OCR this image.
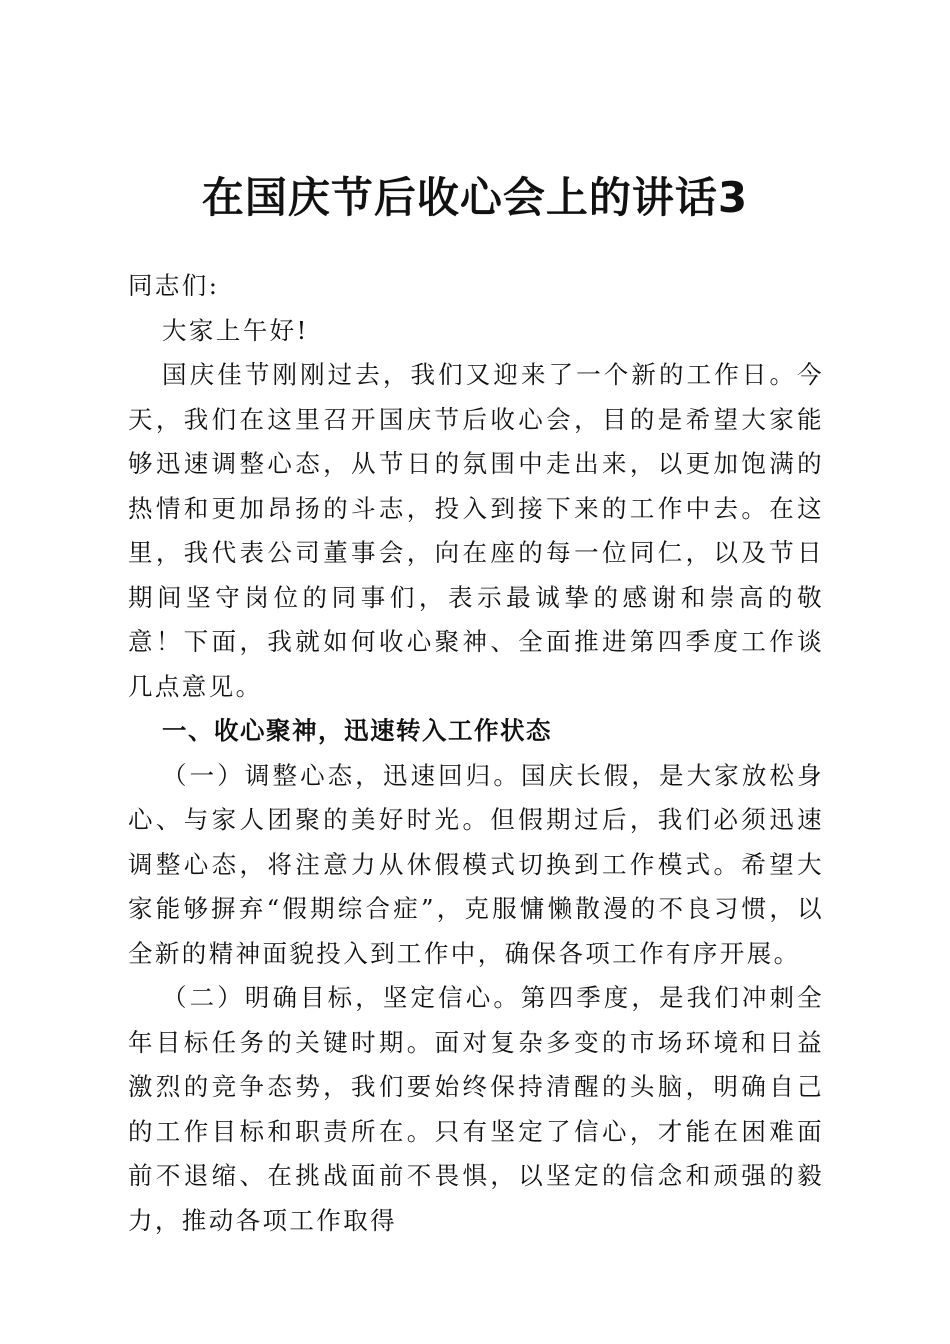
在国庆节后收心会上的讲话3

同志们:

大家上午好!

国庆佳节刚刚过去，我们又迎来了一个新的工作日。今天，我们在这里召开国庆节后收心会，目的是希望大家能够迅速调整心态，从节日的氛围中走出来，以更加饱满的热情和更加昂扬的斗志，投入到接下来的工作中去。在这里，我代表公司董事会，向在座的每一位同仁，以及节日期间坚守岗位的同事们，表示最诚挚的感谢和崇高的敬意！下面，我就如何收心聚神、全面推进第四季度工作谈几点意见。

一、收心聚神，迅速转入工作状态

（一）调整心态，迅速回归。国庆长假，是大家放松身心、与家人团聚的美好时光。但假期过后，我们必须迅速调整心态，将注意力从休假模式切换到工作模式。希望大家能够摒弃“假期综合症”，克服慵懒散漫的不良习惯，以全新的精神面貌投入到工作中，确保各项工作有序开展。

（二）明确目标，坚定信心。第四季度，是我们冲刺全年目标任务的关键时期。面对复杂多变的市场环境和日益激烈的竞争态势，我们要始终保持清醒的头脑，明确自己的工作目标和职责所在。只有坚定了信心，才能在困难面前不退缩、在挑战面前不畏惧，以坚定的信念和顽强的毅力，推动各项工作取得
